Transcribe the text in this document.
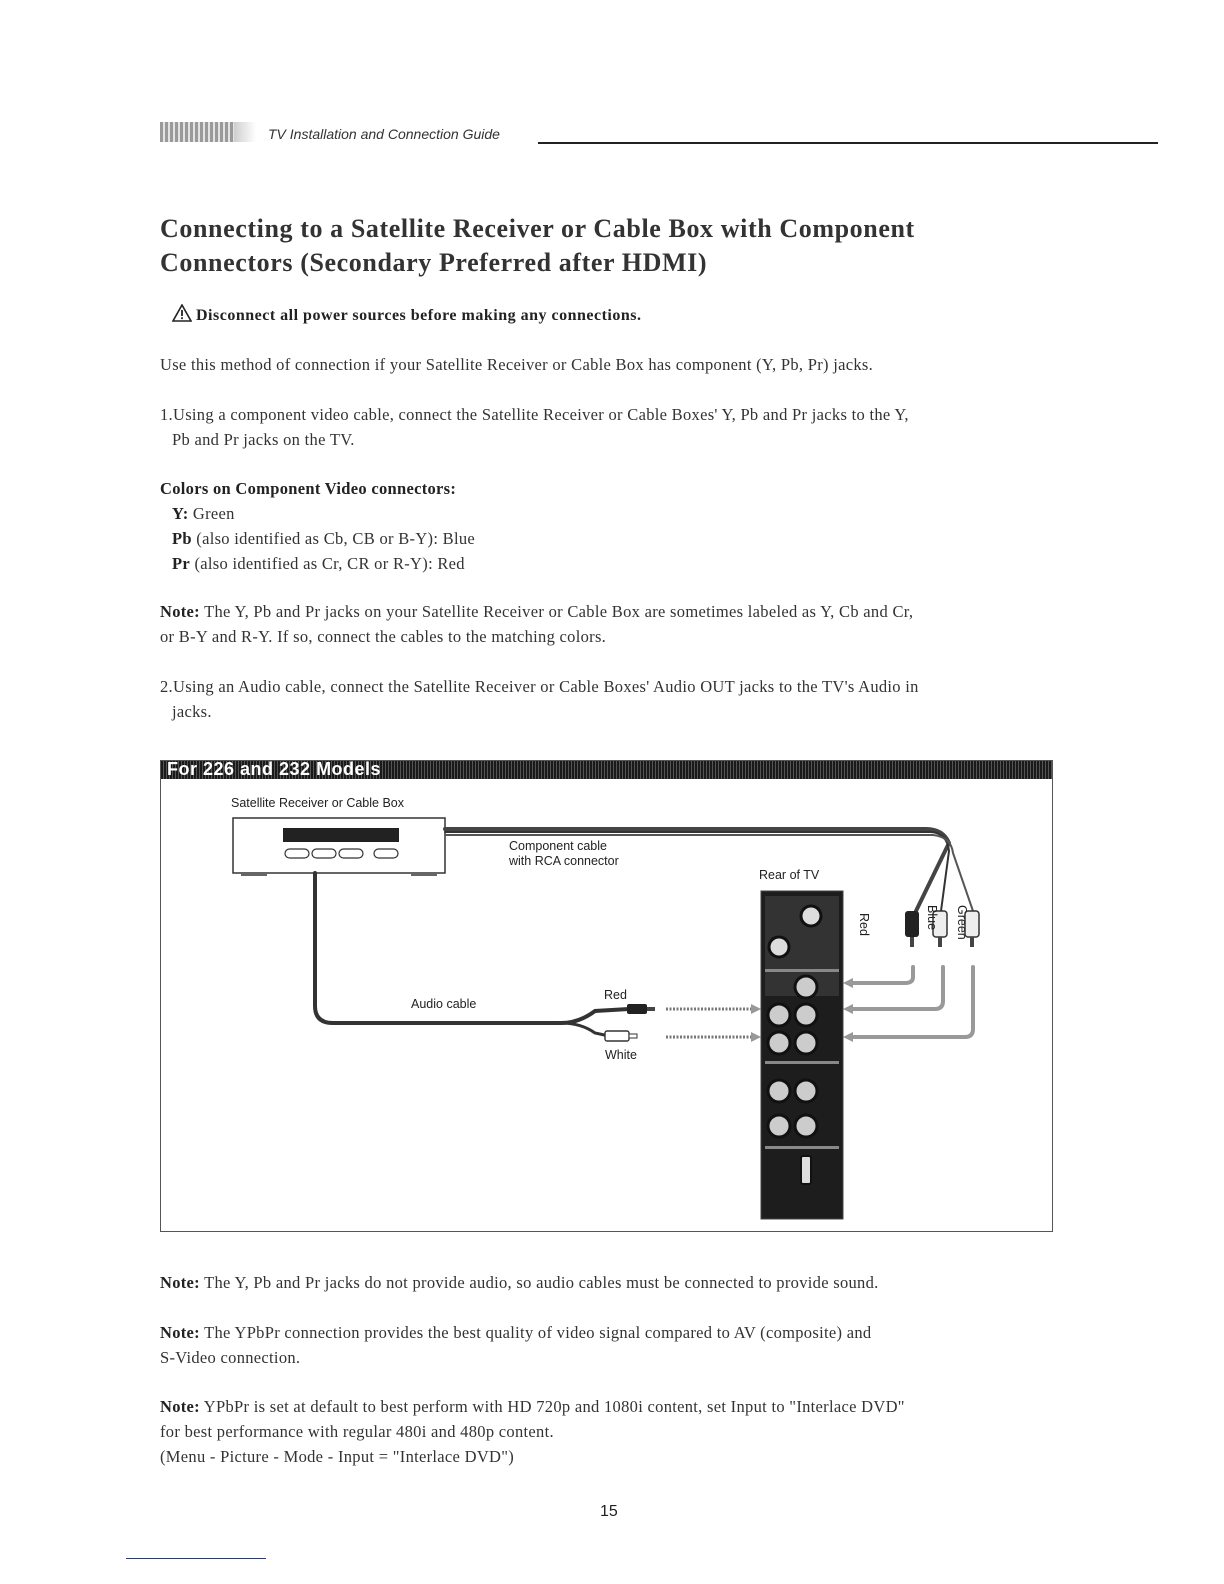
TV Installation and Connection Guide
Connecting to a Satellite Receiver or Cable Box with Component
Connectors (Secondary Preferred after HDMI)
Disconnect all power sources before making any connections.
Use this method of connection if your Satellite Receiver or Cable Box has component (Y, Pb, Pr) jacks.
1.Using a component video cable, connect the Satellite Receiver or Cable Boxes' Y, Pb and Pr jacks to the Y,
Pb and Pr jacks on the TV.
Colors on Component Video connectors:
Y: Green
Pb (also identified as Cb, CB or B-Y): Blue
Pr (also identified as Cr, CR or R-Y): Red
Note: The Y, Pb and Pr jacks on your Satellite Receiver or Cable Box are sometimes labeled as Y, Cb and Cr,
or B-Y and R-Y. If so, connect the cables to the matching colors.
2.Using an Audio cable, connect the Satellite Receiver or Cable Boxes' Audio OUT jacks to the TV's Audio in
jacks.
For 226 and 232 Models
Satellite Receiver or Cable Box
Component cable
with RCA connector
Rear of TV
Red	Blue Green
Audio cable
Red
White
Note: The Y, Pb and Pr jacks do not provide audio, so audio cables must be connected to provide sound.
Note: The YPbPr connection provides the best quality of video signal compared to AV (composite) and
S-Video connection.
Note: YPbPr is set at default to best perform with HD 720p and 1080i content, set Input to "Interlace DVD"
for best performance with regular 480i and 480p content.
(Menu - Picture - Mode - Input = "Interlace DVD")
15
